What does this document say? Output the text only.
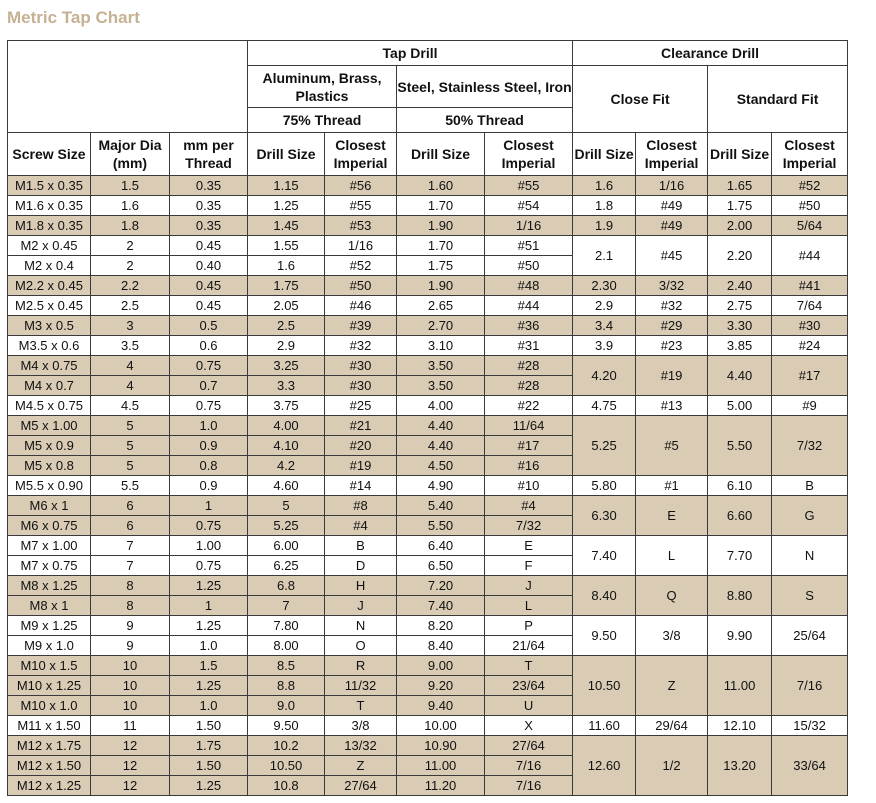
Metric Tap Chart
			Tap Drill				Clearance Drill			
			Aluminum, Brass, Plastics		Steel, Stainless Steel, Iron		Close Fit		Standard Fit	
			75% Thread		50% Thread					
Screw Size	Major Dia (mm)	mm per Thread	Drill Size	Closest Imperial	Drill Size	Closest Imperial	Drill Size	Closest Imperial	Drill Size	Closest Imperial
M1.5 x 0.35	1.5	0.35	1.15	#56	1.60	#55	1.6	1/16	1.65	#52
M1.6 x 0.35	1.6	0.35	1.25	#55	1.70	#54	1.8	#49	1.75	#50
M1.8 x 0.35	1.8	0.35	1.45	#53	1.90	1/16	1.9	#49	2.00	5/64
M2 x 0.45	2	0.45	1.55	1/16	1.70	#51	2.1	#45	2.20	#44
M2 x 0.4	2	0.40	1.6	#52	1.75	#50				
M2.2 x 0.45	2.2	0.45	1.75	#50	1.90	#48	2.30	3/32	2.40	#41
M2.5 x 0.45	2.5	0.45	2.05	#46	2.65	#44	2.9	#32	2.75	7/64
M3 x 0.5	3	0.5	2.5	#39	2.70	#36	3.4	#29	3.30	#30
M3.5 x 0.6	3.5	0.6	2.9	#32	3.10	#31	3.9	#23	3.85	#24
M4 x 0.75	4	0.75	3.25	#30	3.50	#28	4.20	#19	4.40	#17
M4 x 0.7	4	0.7	3.3	#30	3.50	#28				
M4.5 x 0.75	4.5	0.75	3.75	#25	4.00	#22	4.75	#13	5.00	#9
M5 x 1.00	5	1.0	4.00	#21	4.40	11/64	5.25	#5	5.50	7/32
M5 x 0.9	5	0.9	4.10	#20	4.40	#17				
M5 x 0.8	5	0.8	4.2	#19	4.50	#16				
M5.5 x 0.90	5.5	0.9	4.60	#14	4.90	#10	5.80	#1	6.10	B
M6 x 1	6	1	5	#8	5.40	#4	6.30	E	6.60	G
M6 x 0.75	6	0.75	5.25	#4	5.50	7/32				
M7 x 1.00	7	1.00	6.00	B	6.40	E	7.40	L	7.70	N
M7 x 0.75	7	0.75	6.25	D	6.50	F				
M8 x 1.25	8	1.25	6.8	H	7.20	J	8.40	Q	8.80	S
M8 x 1	8	1	7	J	7.40	L				
M9 x 1.25	9	1.25	7.80	N	8.20	P	9.50	3/8	9.90	25/64
M9 x 1.0	9	1.0	8.00	O	8.40	21/64				
M10 x 1.5	10	1.5	8.5	R	9.00	T	10.50	Z	11.00	7/16
M10 x 1.25	10	1.25	8.8	11/32	9.20	23/64				
M10 x 1.0	10	1.0	9.0	T	9.40	U				
M11 x 1.50	11	1.50	9.50	3/8	10.00	X	11.60	29/64	12.10	15/32
M12 x 1.75	12	1.75	10.2	13/32	10.90	27/64	12.60	1/2	13.20	33/64
M12 x 1.50	12	1.50	10.50	Z	11.00	7/16				
M12 x 1.25	12	1.25	10.8	27/64	11.20	7/16				
